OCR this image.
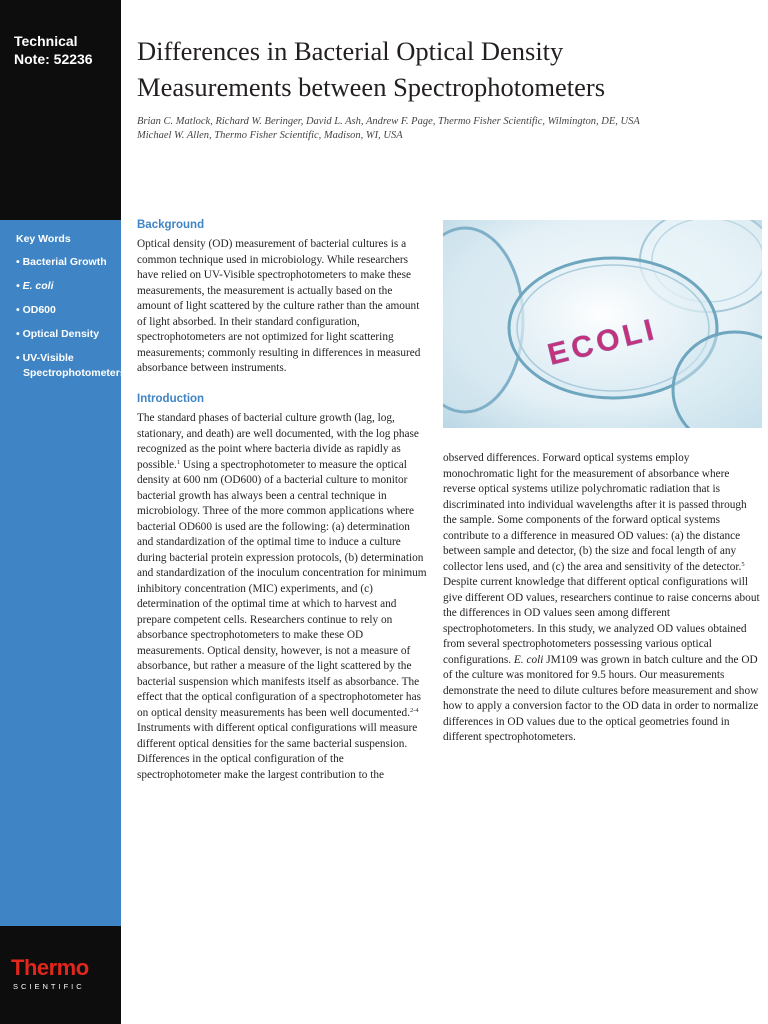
Technical
Note: 52236
Key Words
• Bacterial Growth
• E. coli
• OD600
• Optical Density
• UV-Visible Spectrophotometers
Thermo
SCIENTIFIC
Differences in Bacterial Optical Density
Measurements between Spectrophotometers
Brian C. Matlock, Richard W. Beringer, David L. Ash, Andrew F. Page, Thermo Fisher Scientific, Wilmington, DE, USA
Michael W. Allen, Thermo Fisher Scientific, Madison, WI, USA
Background

Optical density (OD) measurement of bacterial cultures is a common technique used in microbiology. While researchers have relied on UV-Visible spectrophotometers to make these measurements, the measurement is actually based on the amount of light scattered by the culture rather than the amount of light absorbed. In their standard configuration, spectrophotometers are not optimized for light scattering measurements; commonly resulting in differences in measured absorbance between instruments.

Introduction

The standard phases of bacterial culture growth (lag, log, stationary, and death) are well documented, with the log phase recognized as the point where bacteria divide as rapidly as possible.$^1$ Using a spectrophotometer to measure the optical density at 600 nm (OD600) of a bacterial culture to monitor bacterial growth has always been a central technique in microbiology. Three of the more common applications where bacterial OD600 is used are the following: (a) determination and standardization of the optimal time to induce a culture during bacterial protein expression protocols, (b) determination and standardization of the inoculum concentration for minimum inhibitory concentration (MIC) experiments, and (c) determination of the optimal time at which to harvest and prepare competent cells. Researchers continue to rely on absorbance spectrophotometers to make these OD measurements. Optical density, however, is not a measure of absorbance, but rather a measure of the light scattered by the bacterial suspension which manifests itself as absorbance. The effect that the optical configuration of a spectrophotometer has on optical density measurements has been well documented.$^{2-4}$ Instruments with different optical configurations will measure different optical densities for the same bacterial suspension. Differences in the optical configuration of the spectrophotometer make the largest contribution to the

ECOLI

observed differences. Forward optical systems employ monochromatic light for the measurement of absorbance where reverse optical systems utilize polychromatic radiation that is discriminated into individual wavelengths after it is passed through the sample. Some components of the forward optical systems contribute to a difference in measured OD values: (a) the distance between sample and detector, (b) the size and focal length of any collector lens used, and (c) the area and sensitivity of the detector.$^5$ Despite current knowledge that different optical configurations will give different OD values, researchers continue to raise concerns about the differences in OD values seen among different spectrophotometers. In this study, we analyzed OD values obtained from several spectrophotometers possessing various optical configurations. E. coli JM109 was grown in batch culture and the OD of the culture was monitored for 9.5 hours. Our measurements demonstrate the need to dilute cultures before measurement and show how to apply a conversion factor to the OD data in order to normalize differences in OD values due to the optical geometries found in different spectrophotometers.
